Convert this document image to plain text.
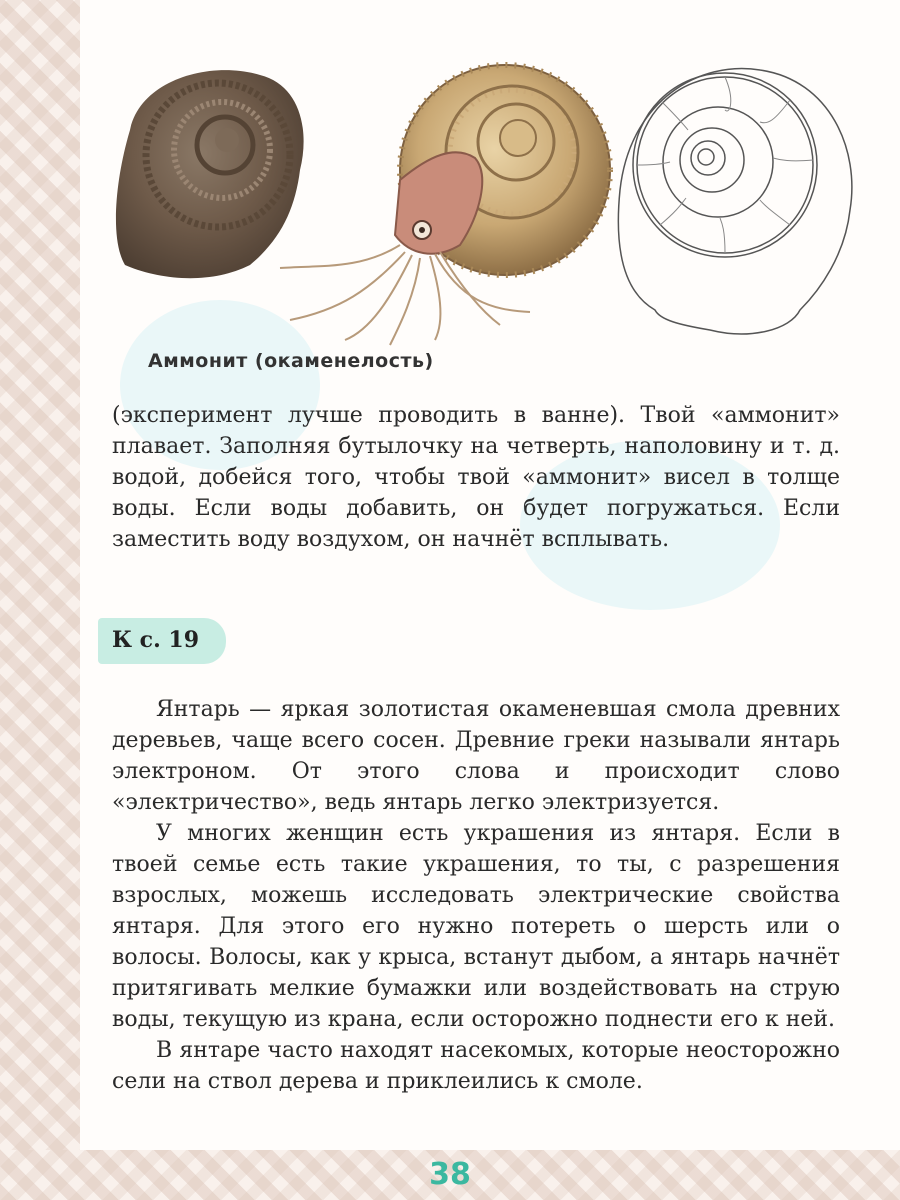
Аммонит (окаменелость)

(эксперимент лучше проводить в ванне). Твой «аммонит» плавает. Заполняя бутылочку на четверть, наполовину и т. д. водой, добейся того, чтобы твой «аммонит» висел в толще воды. Если воды добавить, он будет погружаться. Если заместить воду воздухом, он начнёт всплывать.

К с. 19

Янтарь — яркая золотистая окаменевшая смола древних деревьев, чаще всего сосен. Древние греки называли янтарь электроном. От этого слова и происходит слово «электричество», ведь янтарь легко электризуется.

У многих женщин есть украшения из янтаря. Если в твоей семье есть такие украшения, то ты, с разрешения взрослых, можешь исследовать электрические свойства янтаря. Для этого его нужно потереть о шерсть или о волосы. Волосы, как у крыса, встанут дыбом, а янтарь начнёт притягивать мелкие бумажки или воздействовать на струю воды, текущую из крана, если осторожно поднести его к ней.

В янтаре часто находят насекомых, которые неосторожно сели на ствол дерева и приклеились к смоле.

38
